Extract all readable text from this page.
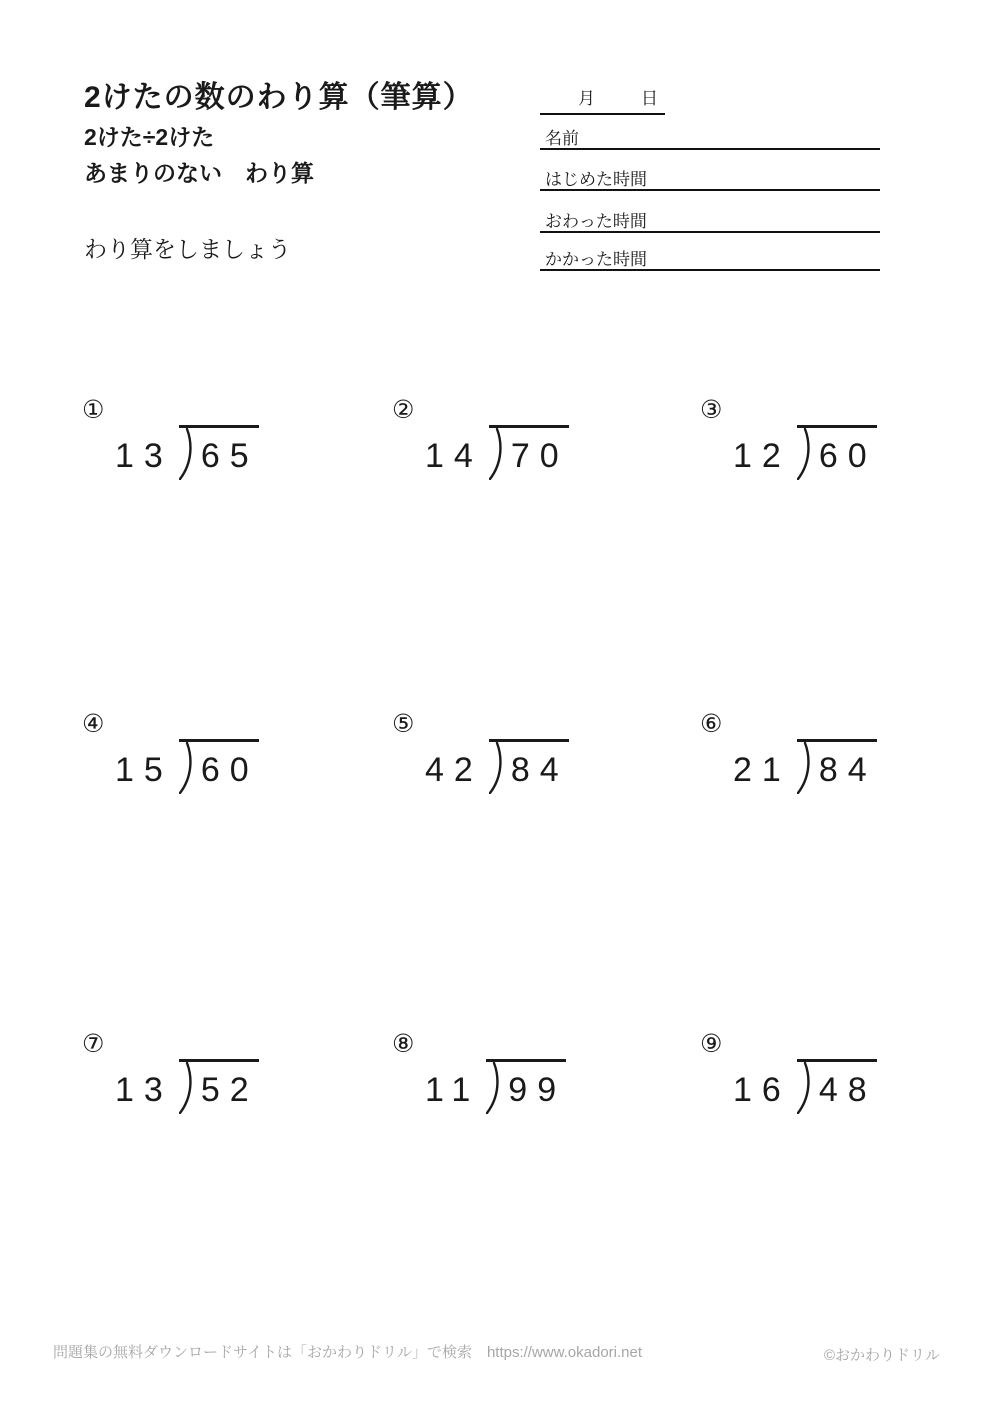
2けたの数のわり算（筆算）
2けた÷2けた
あまりのない　わり算
わり算をしましょう
月	日
名前
はじめた時間
おわった時間
かかった時間
①
13 65
②
14 70
③
12 60
④
15 60
⑤
42 84
⑥
21 84
⑦
13 52
⑧
11 99
⑨
16 48
問題集の無料ダウンロードサイトは「おかわりドリル」で検索　https://www.okadori.net	©おかわりドリル
